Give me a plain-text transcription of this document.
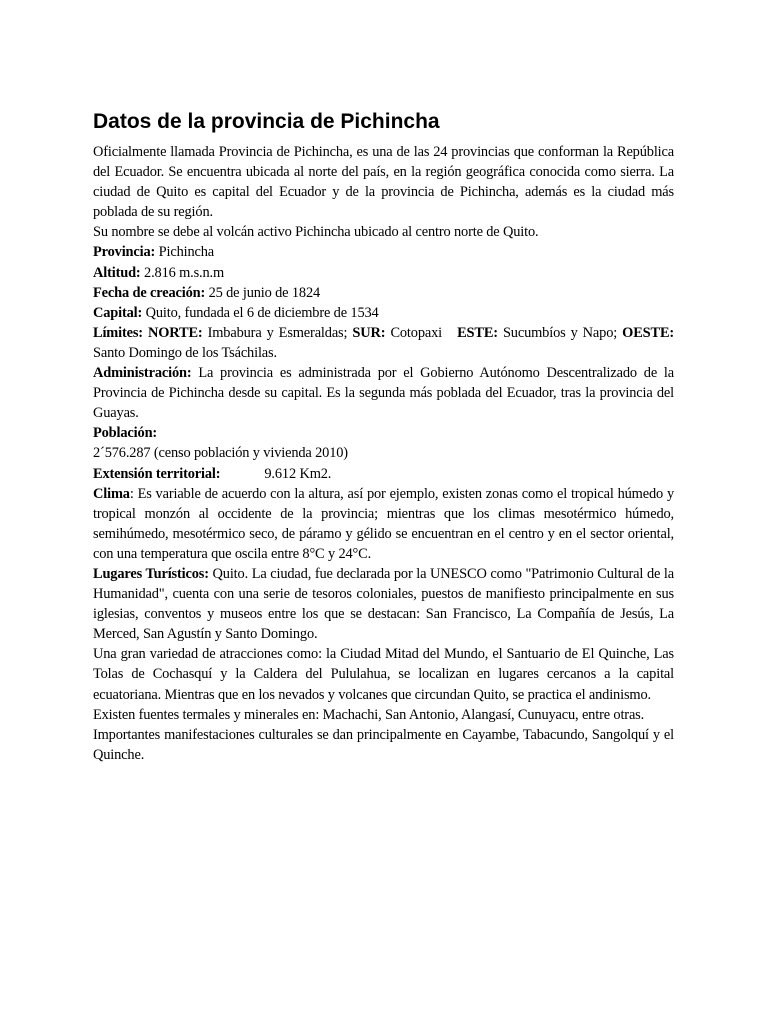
Datos de la provincia de Pichincha

Oficialmente llamada Provincia de Pichincha, es una de las 24 provincias que conforman la República del Ecuador. Se encuentra ubicada al norte del país, en la región geográfica conocida como sierra. La ciudad de Quito es capital del Ecuador y de la provincia de Pichincha, además es la ciudad más poblada de su región.

Su nombre se debe al volcán activo Pichincha ubicado al centro norte de Quito.

Provincia: Pichincha

Altitud: 2.816 m.s.n.m

Fecha de creación: 25 de junio de 1824

Capital: Quito, fundada el 6 de diciembre de 1534

Límites: NORTE: Imbabura y Esmeraldas; SUR: Cotopaxi ESTE: Sucumbíos y Napo; OESTE: Santo Domingo de los Tsáchilas.

Administración: La provincia es administrada por el Gobierno Autónomo Descentralizado de la Provincia de Pichincha desde su capital. Es la segunda más poblada del Ecuador, tras la provincia del Guayas.

Población:

2´576.287 (censo población y vivienda 2010)

Extensión territorial:	9.612 Km2.

Clima: Es variable de acuerdo con la altura, así por ejemplo, existen zonas como el tropical húmedo y tropical monzón al occidente de la provincia; mientras que los climas mesotérmico húmedo, semihúmedo, mesotérmico seco, de páramo y gélido se encuentran en el centro y en el sector oriental, con una temperatura que oscila entre 8°C y 24°C.

Lugares Turísticos: Quito. La ciudad, fue declarada por la UNESCO como "Patrimonio Cultural de la Humanidad", cuenta con una serie de tesoros coloniales, puestos de manifiesto principalmente en sus iglesias, conventos y museos entre los que se destacan: San Francisco, La Compañía de Jesús, La Merced, San Agustín y Santo Domingo.

Una gran variedad de atracciones como: la Ciudad Mitad del Mundo, el Santuario de El Quinche, Las Tolas de Cochasquí y la Caldera del Pululahua, se localizan en lugares cercanos a la capital ecuatoriana. Mientras que en los nevados y volcanes que circundan Quito, se practica el andinismo.

Existen fuentes termales y minerales en: Machachi, San Antonio, Alangasí, Cunuyacu, entre otras.

Importantes manifestaciones culturales se dan principalmente en Cayambe, Tabacundo, Sangolquí y el Quinche.
